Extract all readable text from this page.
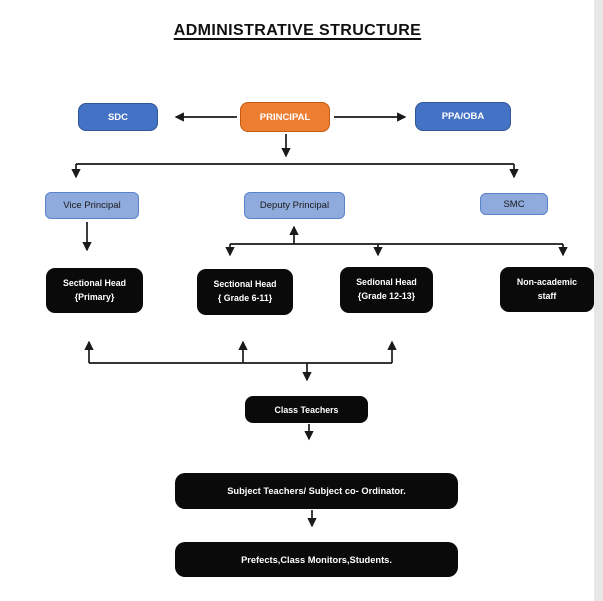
ADMINISTRATIVE STRUCTURE
SDC	PRINCIPAL	PPA/OBA
Vice Principal	Deputy Principal	SMC
Sectional Head
{Primary}
Sectional Head
{ Grade 6-11}
Sedional Head
{Grade 12-13}
Non-academic
staff
Class Teachers
Subject Teachers/ Subject co- Ordinator.
Prefects,Class Monitors,Students.
